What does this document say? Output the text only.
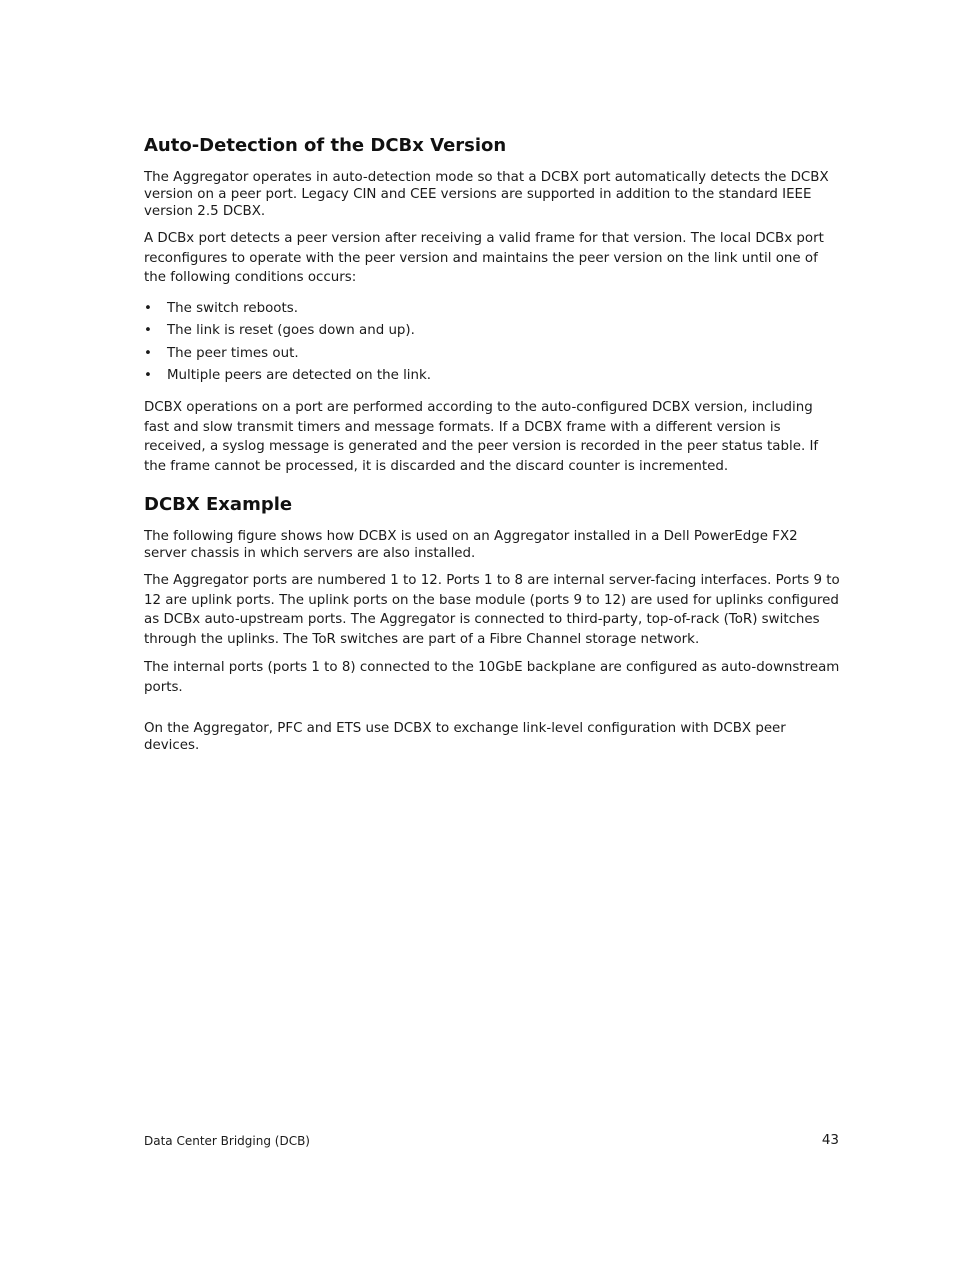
Auto-Detection of the DCBx Version

The Aggregator operates in auto-detection mode so that a DCBX port automatically detects the DCBX version on a peer port. Legacy CIN and CEE versions are supported in addition to the standard IEEE version 2.5 DCBX.

A DCBx port detects a peer version after receiving a valid frame for that version. The local DCBx port reconfigures to operate with the peer version and maintains the peer version on the link until one of the following conditions occurs:

• The switch reboots.
• The link is reset (goes down and up).
• The peer times out.
• Multiple peers are detected on the link.

DCBX operations on a port are performed according to the auto-configured DCBX version, including fast and slow transmit timers and message formats. If a DCBX frame with a different version is received, a syslog message is generated and the peer version is recorded in the peer status table. If the frame cannot be processed, it is discarded and the discard counter is incremented.

DCBX Example

The following figure shows how DCBX is used on an Aggregator installed in a Dell PowerEdge FX2 server chassis in which servers are also installed.

The Aggregator ports are numbered 1 to 12. Ports 1 to 8 are internal server-facing interfaces. Ports 9 to 12 are uplink ports. The uplink ports on the base module (ports 9 to 12) are used for uplinks configured as DCBx auto-upstream ports. The Aggregator is connected to third-party, top-of-rack (ToR) switches through the uplinks. The ToR switches are part of a Fibre Channel storage network.

The internal ports (ports 1 to 8) connected to the 10GbE backplane are configured as auto-downstream ports.

On the Aggregator, PFC and ETS use DCBX to exchange link-level configuration with DCBX peer devices.

Data Center Bridging (DCB)	43
